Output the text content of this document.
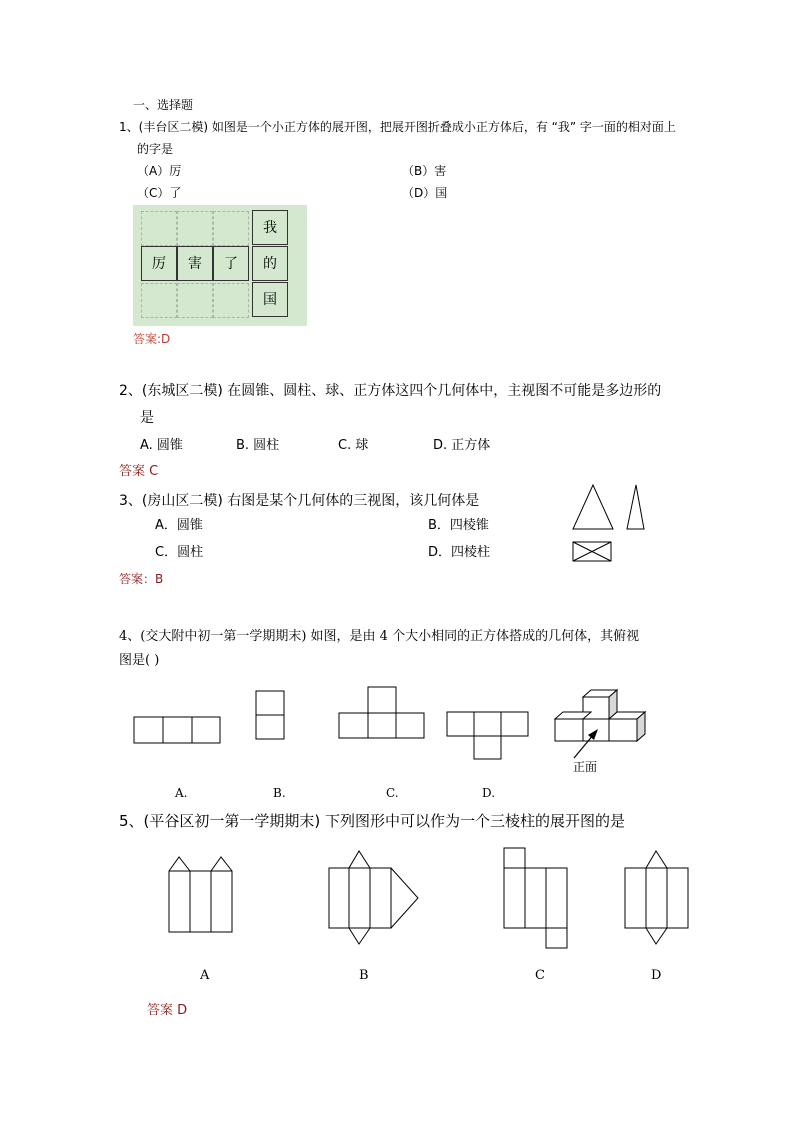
一、选择题
1、(丰台区二模) 如图是一个小正方体的展开图，把展开图折叠成小正方体后，有 “我” 字一面的相对面上
的字是
（A）厉	（B）害
（C）了	（D）国
我
厉	害	了	的
国
答案:D
2、(东城区二模) 在圆锥、圆柱、球、正方体这四个几何体中，主视图不可能是多边形的
是
A. 圆锥	B. 圆柱	C. 球	D. 正方体
答案 C
3、(房山区二模) 右图是某个几何体的三视图，该几何体是
A．圆锥	B．四棱锥
C．圆柱	D．四棱柱
答案：B
4、(交大附中初一第一学期期末) 如图，是由 4 个大小相同的正方体搭成的几何体，其俯视
图是( )
正面
A.	B.	C.	D.
5、(平谷区初一第一学期期末) 下列图形中可以作为一个三棱柱的展开图的是
A	B	C	D
答案 D
